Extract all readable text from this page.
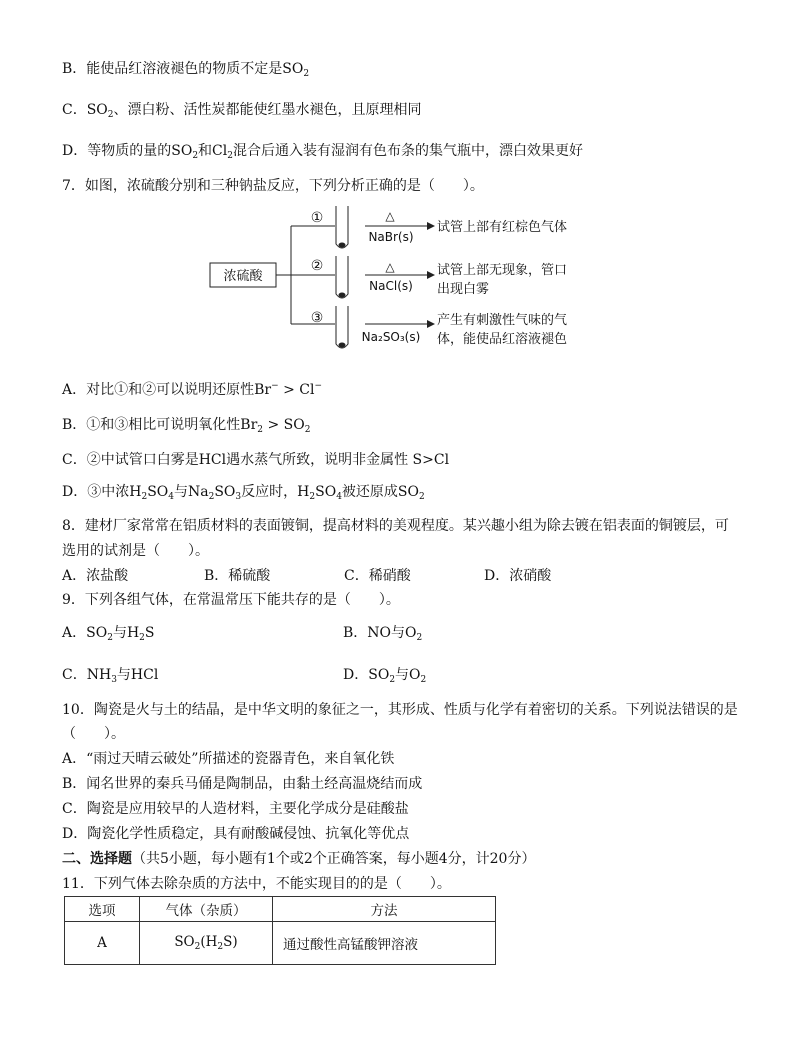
B．能使品红溶液褪色的物质不定是$SO_2$
C．$SO_2$、漂白粉、活性炭都能使红墨水褪色，且原理相同
D．等物质的量的$SO_2$和$Cl_2$混合后通入装有湿润有色布条的集气瓶中，漂白效果更好
7．如图，浓硫酸分别和三种钠盐反应，下列分析正确的是（　　）。
浓硫酸
①	△
NaBr(s)
试管上部有红棕色气体
②	△
NaCl(s)
试管上部无现象，管口
出现白雾
③
Na₂SO₃(s)
产生有刺激性气味的气
体，能使品红溶液褪色
A．对比①和②可以说明还原性Br− > Cl−
B．①和③相比可说明氧化性$Br_2 > SO_2$
C．②中试管口白雾是HCl遇水蒸气所致，说明非金属性 S>Cl
D．③中浓$H_2SO_4$与$Na_2SO_3$反应时，$H_2SO_4$被还原成$SO_2$
8．建材厂家常常在铝质材料的表面镀铜，提高材料的美观程度。某兴趣小组为除去镀在铝表面的铜镀层，可
选用的试剂是（　　）。
A．浓盐酸	B．稀硫酸	C．稀硝酸	D．浓硝酸
9．下列各组气体，在常温常压下能共存的是（　　）。
A．$SO_2$与$H_2S$	B．NO与$O_2$
C．$NH_3$与HCl	D．$SO_2$与$O_2$
10．陶瓷是火与土的结晶，是中华文明的象征之一，其形成、性质与化学有着密切的关系。下列说法错误的是
（　　）。
A．“雨过天晴云破处”所描述的瓷器青色，来自氧化铁
B．闻名世界的秦兵马俑是陶制品，由黏土经高温烧结而成
C．陶瓷是应用较早的人造材料，主要化学成分是硅酸盐
D．陶瓷化学性质稳定，具有耐酸碱侵蚀、抗氧化等优点
二、选择题（共5小题，每小题有1个或2个正确答案，每小题4分，计20分）
11．下列气体去除杂质的方法中，不能实现目的的是（　　）。
选项	气体（杂质）	方法
A	$SO_2(H_2S)$	通过酸性高锰酸钾溶液
